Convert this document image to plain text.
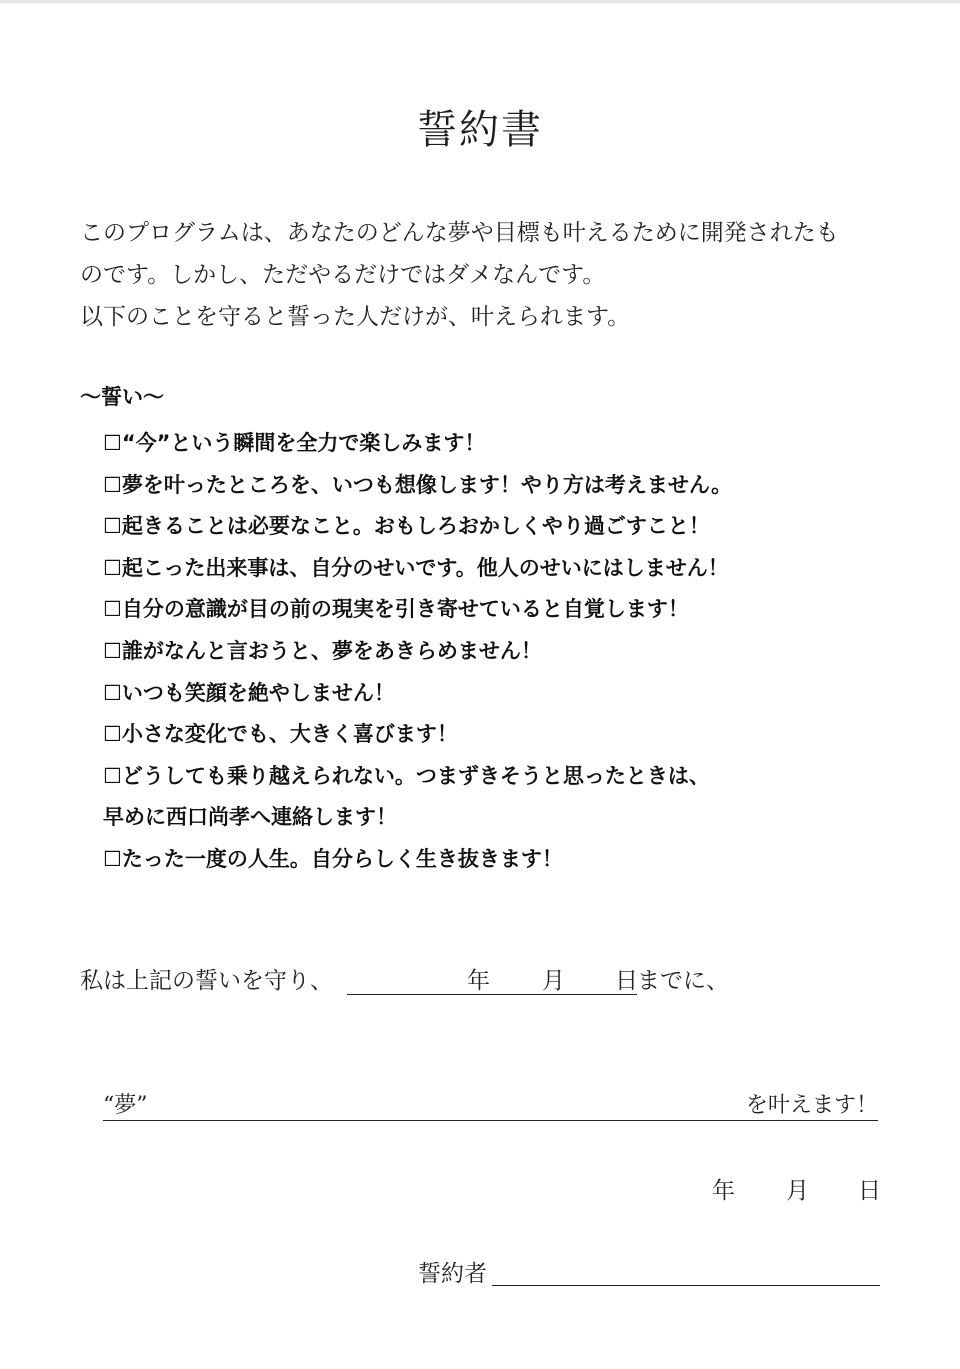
誓約書

このプログラムは、あなたのどんな夢や目標も叶えるために開発されたも

のです。しかし、ただやるだけではダメなんです。

以下のことを守ると誓った人だけが、叶えられます。

〜誓い〜
☐“今”という瞬間を全力で楽しみます！
☐夢を叶ったところを、いつも想像します！やり方は考えません。
☐起きることは必要なこと。おもしろおかしくやり過ごすこと！
☐起こった出来事は、自分のせいです。他人のせいにはしません！
☐自分の意識が目の前の現実を引き寄せていると自覚します！
☐誰がなんと言おうと、夢をあきらめません！
☐いつも笑顔を絶やしません！
☐小さな変化でも、大きく喜びます！
☐どうしても乗り越えられない。つまずきそうと思ったときは、
早めに西口尚孝へ連絡します！
☐たった一度の人生。自分らしく生き抜きます！
私は上記の誓いを守り、	年 月 日 までに、
“夢”	を叶えます！
年 月 日
誓約者
